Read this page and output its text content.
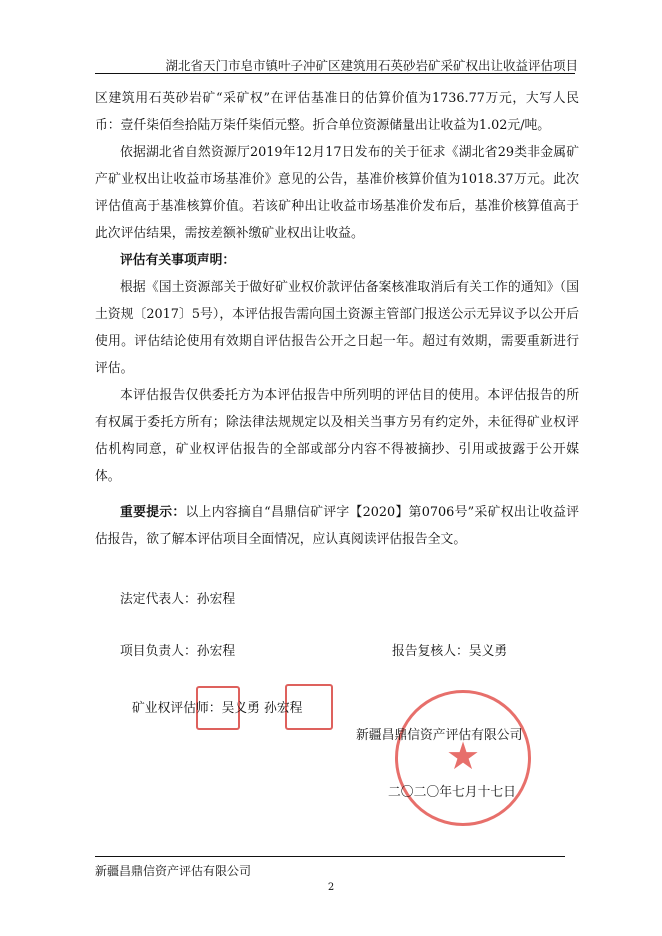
湖北省天门市皂市镇叶子冲矿区建筑用石英砂岩矿采矿权出让收益评估项目

区建筑用石英砂岩矿“采矿权”在评估基准日的估算价值为1736.77万元，大写人民币：壹仟柒佰叁拾陆万柒仟柒佰元整。折合单位资源储量出让收益为1.02元/吨。

依据湖北省自然资源厅2019年12月17日发布的关于征求《湖北省29类非金属矿产矿业权出让收益市场基准价》意见的公告，基准价核算价值为1018.37万元。此次评估值高于基准核算价值。若该矿种出让收益市场基准价发布后，基准价核算值高于此次评估结果，需按差额补缴矿业权出让收益。

评估有关事项声明：

根据《国土资源部关于做好矿业权价款评估备案核准取消后有关工作的通知》（国土资规〔2017〕5号），本评估报告需向国土资源主管部门报送公示无异议予以公开后使用。评估结论使用有效期自评估报告公开之日起一年。超过有效期，需要重新进行评估。

本评估报告仅供委托方为本评估报告中所列明的评估目的使用。本评估报告的所有权属于委托方所有；除法律法规规定以及相关当事方另有约定外，未征得矿业权评估机构同意，矿业权评估报告的全部或部分内容不得被摘抄、引用或披露于公开媒体。

重要提示：以上内容摘自“昌鼎信矿评字【2020】第0706号”采矿权出让收益评估报告，欲了解本评估项目全面情况，应认真阅读评估报告全文。

法定代表人：孙宏程
项目负责人：孙宏程	报告复核人：吴义勇
矿业权评估师：吴义勇 孙宏程
★
新疆昌鼎信资产评估有限公司
二〇二〇年七月十七日
新疆昌鼎信资产评估有限公司
2
